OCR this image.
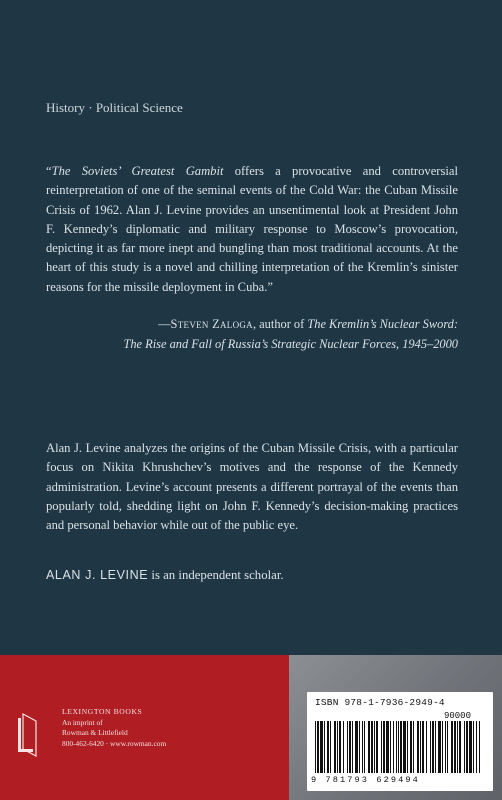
History · Political Science

“The Soviets’ Greatest Gambit offers a provocative and controversial reinterpretation of one of the seminal events of the Cold War: the Cuban Missile Crisis of 1962. Alan J. Levine provides an unsentimental look at President John F. Kennedy’s diplomatic and military response to Moscow’s provocation, depicting it as far more inept and bungling than most traditional accounts. At the heart of this study is a novel and chilling interpretation of the Kremlin’s sinister reasons for the missile deployment in Cuba.”

—Steven Zaloga, author of The Kremlin’s Nuclear Sword:
The Rise and Fall of Russia’s Strategic Nuclear Forces, 1945–2000

Alan J. Levine analyzes the origins of the Cuban Missile Crisis, with a particular focus on Nikita Khrushchev’s motives and the response of the Kennedy administration. Levine’s account presents a different portrayal of the events than popularly told, shedding light on John F. Kennedy’s decision-making practices and personal behavior while out of the public eye.

ALAN J. LEVINE is an independent scholar.
LEXINGTON BOOKS
An imprint of
Rowman & Littlefield
800-462-6420 · www.rowman.com
ISBN 978-1-7936-2949-4
90000
9 781793 629494
